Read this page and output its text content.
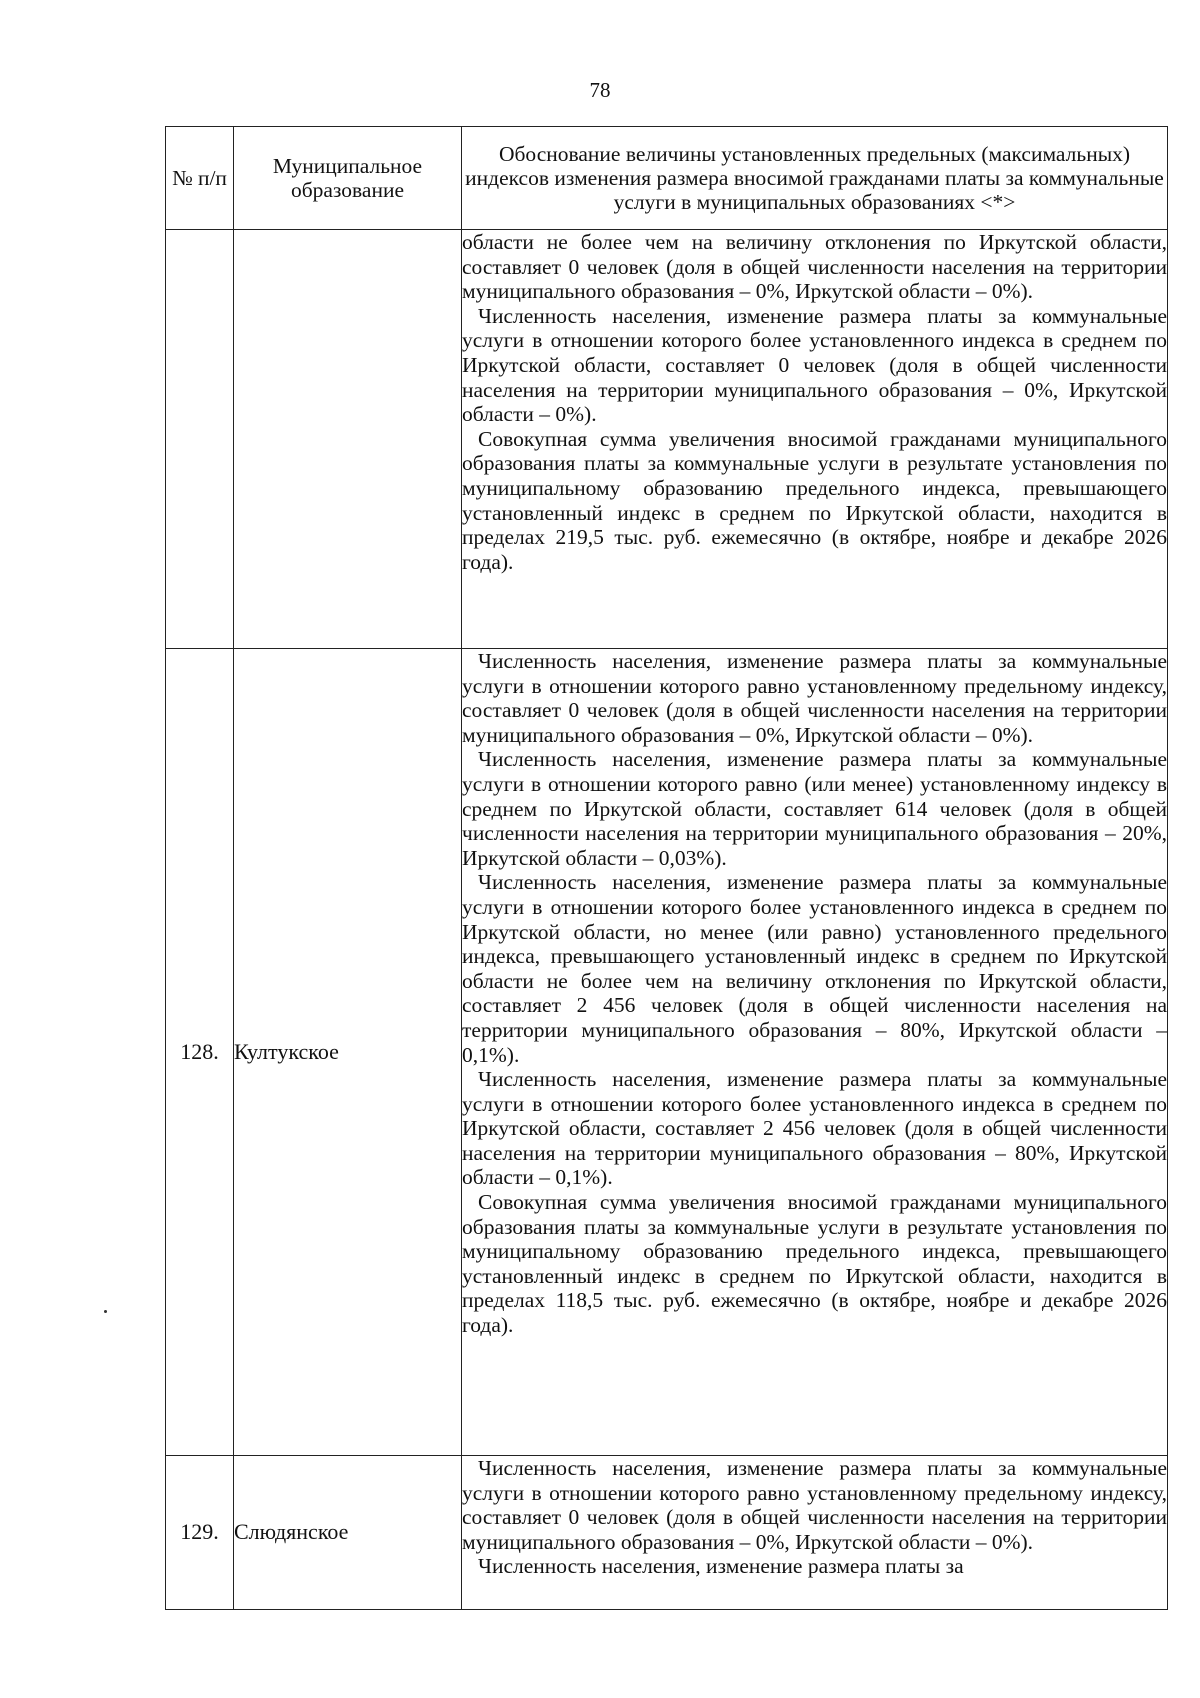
78
№ п/п	Муниципальное образование	Обоснование величины установленных предельных (максимальных) индексов изменения размера вносимой гражданами платы за коммунальные услуги в муниципальных образованиях <*>

		области не более чем на величину отклонения по Иркутской области, составляет 0 человек (доля в общей численности населения на территории муниципального образования – 0%, Иркутской области – 0%).

Численность населения, изменение размера платы за коммунальные услуги в отношении которого более установленного индекса в среднем по Иркутской области, составляет 0 человек (доля в общей численности населения на территории муниципального образования – 0%, Иркутской области – 0%).

Совокупная сумма увеличения вносимой гражданами муниципального образования платы за коммунальные услуги в результате установления по муниципальному образованию предельного индекса, превышающего установленный индекс в среднем по Иркутской области, находится в пределах 219,5 тыс. руб. ежемесячно (в октябре, ноябре и декабре 2026 года).

128.	Култукское	Численность населения, изменение размера платы за коммунальные услуги в отношении которого равно установленному предельному индексу, составляет 0 человек (доля в общей численности населения на территории муниципального образования – 0%, Иркутской области – 0%).

Численность населения, изменение размера платы за коммунальные услуги в отношении которого равно (или менее) установленному индексу в среднем по Иркутской области, составляет 614 человек (доля в общей численности населения на территории муниципального образования – 20%, Иркутской области – 0,03%).

Численность населения, изменение размера платы за коммунальные услуги в отношении которого более установленного индекса в среднем по Иркутской области, но менее (или равно) установленного предельного индекса, превышающего установленный индекс в среднем по Иркутской области не более чем на величину отклонения по Иркутской области, составляет 2 456 человек (доля в общей численности населения на территории муниципального образования – 80%, Иркутской области – 0,1%).

Численность населения, изменение размера платы за коммунальные услуги в отношении которого более установленного индекса в среднем по Иркутской области, составляет 2 456 человек (доля в общей численности населения на территории муниципального образования – 80%, Иркутской области – 0,1%).

Совокупная сумма увеличения вносимой гражданами муниципального образования платы за коммунальные услуги в результате установления по муниципальному образованию предельного индекса, превышающего установленный индекс в среднем по Иркутской области, находится в пределах 118,5 тыс. руб. ежемесячно (в октябре, ноябре и декабре 2026 года).

129.	Слюдянское	Численность населения, изменение размера платы за коммунальные услуги в отношении которого равно установленному предельному индексу, составляет 0 человек (доля в общей численности населения на территории муниципального образования – 0%, Иркутской области – 0%).

Численность населения, изменение размера платы за
